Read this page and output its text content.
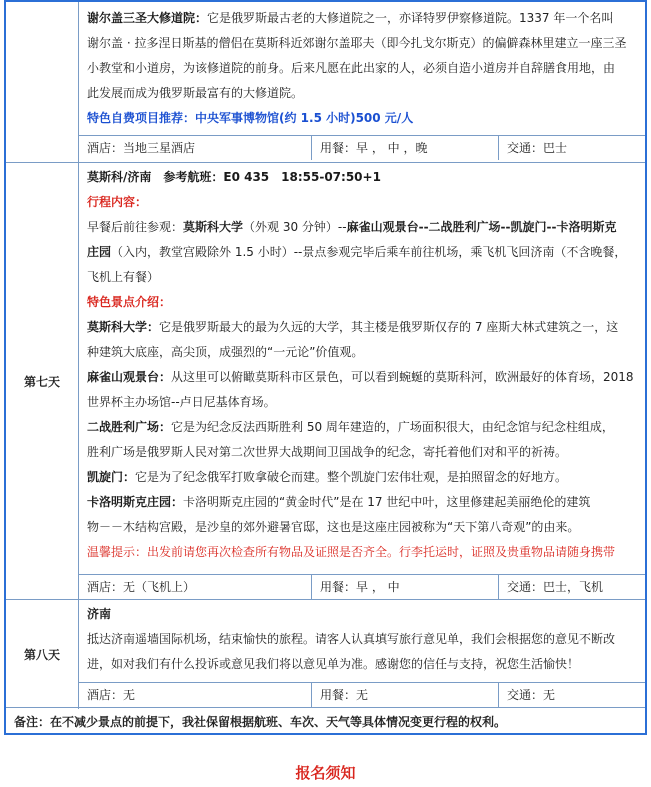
谢尔盖三圣大修道院：它是俄罗斯最古老的大修道院之一，亦译特罗伊察修道院。1337 年一个名叫
谢尔盖 · 拉多涅日斯基的僧侣在莫斯科近郊谢尔盖耶夫（即今扎戈尔斯克）的偏僻森林里建立一座三圣
小教堂和小道房，为该修道院的前身。后来凡愿在此出家的人，必须自造小道房并自辞膳食用地，由
此发展而成为俄罗斯最富有的大修道院。
特色自费项目推荐：中央军事博物馆(约 1.5 小时)500 元/人
酒店：当地三星酒店	用餐：早 ， 中 ，晚	交通：巴士
第七天
莫斯科/济南　参考航班：E0 435　18:55-07:50+1
行程内容：
早餐后前往参观：莫斯科大学（外观 30 分钟）--麻雀山观景台--二战胜利广场--凯旋门--卡洛明斯克
庄园（入内，教堂宫殿除外 1.5 小时）--景点参观完毕后乘车前往机场，乘飞机飞回济南（不含晚餐，
飞机上有餐）
特色景点介绍：
莫斯科大学：它是俄罗斯最大的最为久远的大学，其主楼是俄罗斯仅存的 7 座斯大林式建筑之一，这
种建筑大底座，高尖顶，成强烈的“一元论”价值观。
麻雀山观景台：从这里可以俯瞰莫斯科市区景色，可以看到蜿蜒的莫斯科河，欧洲最好的体育场，2018
世界杯主办场馆--卢日尼基体育场。
二战胜利广场：它是为纪念反法西斯胜利 50 周年建造的，广场面积很大，由纪念馆与纪念柱组成，
胜利广场是俄罗斯人民对第二次世界大战期间卫国战争的纪念，寄托着他们对和平的祈祷。
凯旋门：它是为了纪念俄军打败拿破仑而建。整个凯旋门宏伟壮观，是拍照留念的好地方。
卡洛明斯克庄园：卡洛明斯克庄园的“黄金时代”是在 17 世纪中叶，这里修建起美丽绝伦的建筑
物－－木结构宫殿，是沙皇的郊外避暑官邸，这也是这座庄园被称为“天下第八奇观”的由来。
温馨提示：出发前请您再次检查所有物品及证照是否齐全。行李托运时，证照及贵重物品请随身携带
酒店：无（飞机上）	用餐：早 ， 中	交通：巴士，飞机
第八天
济南
抵达济南遥墙国际机场，结束愉快的旅程。请客人认真填写旅行意见单，我们会根据您的意见不断改
进，如对我们有什么投诉或意见我们将以意见单为准。感谢您的信任与支持，祝您生活愉快！
酒店：无	用餐：无	交通：无
备注：在不减少景点的前提下，我社保留根据航班、车次、天气等具体情况变更行程的权利。
报名须知
